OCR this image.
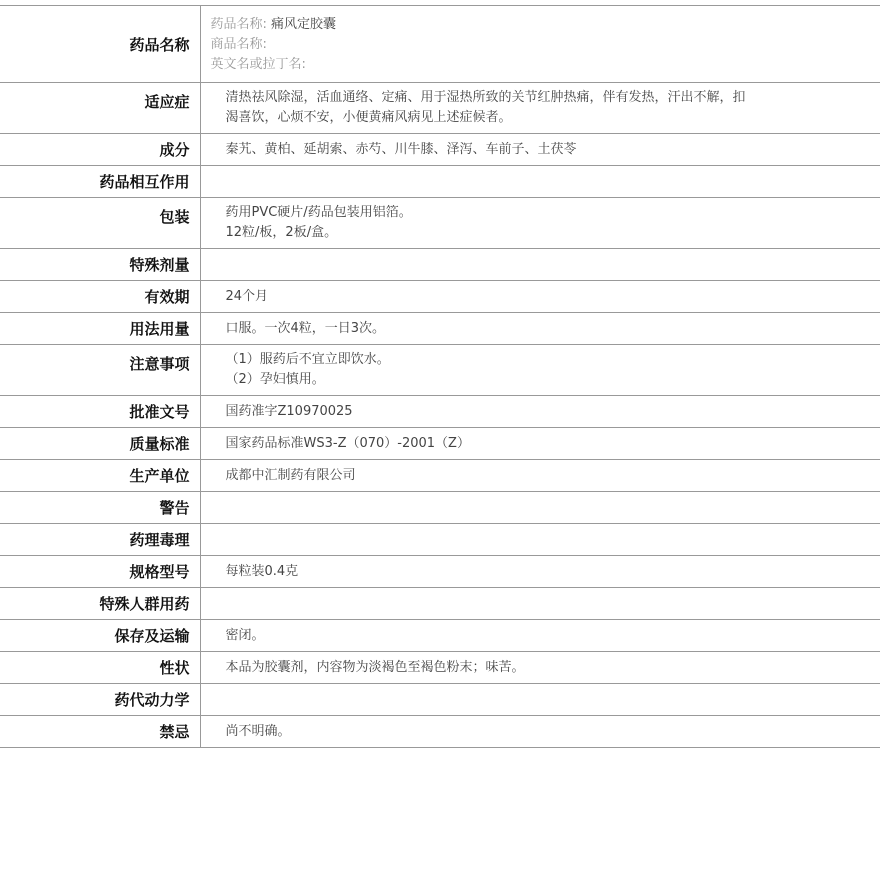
药品名称	药品名称: 痛风定胶囊
商品名称:
英文名或拉丁名:

适应症	清热祛风除湿，活血通络、定痛、用于湿热所致的关节红肿热痛，伴有发热，汗出不解，扣
渴喜饮，心烦不安，小便黄痛风病见上述症候者。

成分	秦艽、黄柏、延胡索、赤芍、川牛膝、泽泻、车前子、土茯苓

药品相互作用	

包装	药用PVC硬片/药品包装用铝箔。
12粒/板，2板/盒。

特殊剂量	

有效期	24个月

用法用量	口服。一次4粒，一日3次。

注意事项	（1）服药后不宜立即饮水。
（2）孕妇慎用。

批准文号	国药准字Z10970025

质量标准	国家药品标准WS3-Z（070）-2001（Z）

生产单位	成都中汇制药有限公司

警告	

药理毒理	

规格型号	每粒装0.4克

特殊人群用药	

保存及运输	密闭。

性状	本品为胶囊剂，内容物为淡褐色至褐色粉末；味苦。

药代动力学	

禁忌	尚不明确。
